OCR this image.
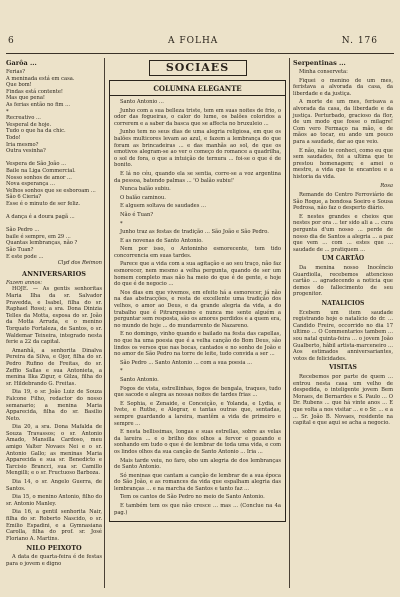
6	A FOLHA	N. 176
Garôa ...
Ferias?
A meninada está em casa.
Que bom!
Findas está contente!
Mas que pena!
As ferias então no fim ...
*
Recreativo ...
Vesperal de hoje.
Tudo o que ha da chic.
Todo!
Iria mesmo?
Outra vesinha?
Vespera de São João ...
Baile na Liga Commercial.
Nosso sonhos de amor ...
Nova esperança ...
Velhos sonhos que se esboroam ...
São 6 Cieria?
Esse é o minuto de ser feliz.
A dança é a doura pagã ...
São Pedro ...
baile é sempre, em 29 ...
Quantas lembranças, não ?
São Tuan?
E este pode ...
Clyd dos Reimon
ANNIVERSARIOS
Fazem annos:
HOJE. — As gentis senhoritas Maria Ilha da sr. Salvador Pravedda, e Isabel, filha do sr. Raphael Rossi; a sra. Dona Dinizia Telles da Motta, esposa do sr. João da Motta Arruda, e o menino Torquato Fortaleza, de Santos, o sr. Waldemar Teixeira, integrado nesta ferie a 22 da capital.
Amanhã, a senhorita Dinalva Pereira da Silva, e Ojor, filha do sr. Pedro Rufino de Freitas, do sr. Zeffio Sallas e sua Antonieta, a menina Ilka Zigur, e Gilza, filha do sr. Hildebrando G. Freitas.
Dia 19, o sr. João Luiz de Souza Falcone Filho, redactor do nosso semanario; a menina Maria Apparecida, filha do sr. Basilio Neto.
Dia 20, a sra. Dona Mafalda de Souza Travassos; o sr. Antonio Amado, Mansilla Cardoso, meu amigo Valter Novaes Nei e o sr. Antonio Gallo; as meninas Maria Apparecida e sua sr. Benedicto e Tarcisio Brancci, sua sr. Camillo Mengilli; e o sr. Fructuoso Barboza.
Dia 14, o sr. Angelo Guerra, de Santos.
Dia 15, o menino Antonio, filho do sr. Antonio Manley.
Dia 16, a gentil senhorita Nair, filha do sr. Roberto Nascido, o sr. Emilio Espadini, e a Gymnasiana Carolla, filha do prof. sr. José Floriano A. Martins.
NILO PEIXOTO
A data de quarta-feira é de festas para o jovem e digno
SOCIAES
COLUMNA ELEGANTE
Santo Antonio ...
Junho com a sua belleza triste, tem em suas noites de frio, o odor das fogueiras, o calor do lume, os balões coloridos a correrem e a saber da basca que se affecta no bruxuleio ...
Junho tem no seus dias de uma alegria religiosa, em que os balões multicores levam ao azul, e fazem a lembrança do que foram as brincadeiras ... e das manhãs ao sol, de que os emotivos alegram-se ao ver o começo do romance a quadrilha, o sol de fora, o que a intuição de ternura ... foi-se o que é de bonito.
E lá no céu, quando ela se sentia, corre-se a voz argentina da pessoa, batendo palmas ... 'O balão subiu!'
Nunca balão subiu.
O balão caminou.
E alguem soltava de saudades ...
Não é Tuan?
*
Junho traz as festas de tradição ... São João e São Pedro.
E as novenas de Santo Antonio.
Nem por isso, o Antoninho esmorecente, tem tido concorrencia em suas tardes.
Parece que a vida com a sua agitação e ao seu traço, não faz esmorecer, nem mesmo a velha pergunta, quando de ser um homem completo mas não ha meio do que é de gente, e hoje do que é de negocio ...
Nos dias em que vivemos, em efeito há a esmorecer, já não na das abstracções, e resta de excellente uma tradição dos velhos, o amor ao Deus, e da grande alegria da vida, a do trabalho que é Pitrarquesino e nunca me sente alguém a perguntar sem resposta, são os amores perdidos e a quem era, no mundo de hoje ... do mundarrento de Nazareno.
E no domingo, vinho quando e bailado na festa das capellas, no que ha uma poesia que é a velha canção do Bom Deus, são lindos os versos que nas bocas, cantados e no sonho de João e no amor de São Pedro na torre de leite, tudo convida a ser ...
São Pedro ... Santo Antonio ... com a sua poesia ...
*
Santo Antonio.
Fogos de vista, estrellinhas, fogos de bengala, traques, tudo que sacode e alegra as nossas noites de tardes frias ...
E Sophia, e Zenaide, e Conceição, e Yolanda, e Lydia, e Ivete, e Ruthe, e Alegrar, e tantas outras que, sentadas, sempre guardando a lareira, mantêm a vida de primeiro e sempre ...
E nesta bellissimas, longas e suas estrellas, sobre as velas da lareira ... e o brilho dos olhos a fervor e gozando e sonhando em tudo o que é de lembrar de toda uma vida, e com os lindos olhos da sua canção de Santo Antonio ... Iria ...
Mais tarde veiu, no faro, obo um alegria de dos lembranças de Santo Antonio.
Só meninas que cantam a canção de lembrar de a sua época do São João, e as romances da vida que espalham alegria das lembranças ... e na marcha de Santos e tanto faz ...
Tem os cantos de São Pedro no meio de Santo Antonio.
E também tem os que não cresce ... mas ... (Conclue na 4a pag.)
Serpentinas ...
Minha conserveta:
Fiquei o menino de um mes, feristava a alvorada da casa, da liberdade e da justiça.
A morte de um mes, ferisava a alvorada da casa, da liberdade e da justiça. Perturbado, gracioso da flor, de um modo que fosse o milagre! Com vero Fermaço na mão, e de mãos ao tocar, eu ando um pouco para a saudade, dar ao que veio.
E não, não te conheci, como eu que sem saudades, foi a ultima que te prestou homenagem; e amei o mestre, a vida que te encantou e a historia da vida.
Rosa
Remande do Centro Ferroviário de São Roque, a bondosa Soeiro e Sousa Pedrosa, não faz o desperto diário.
E nestes grandes e cheios que nestes por ora ... ter sido ali a ... cura pergunta d'um nosso ... perde de nosso dia de Santos a alegria ... a paz que vem ... com ... estes que ... saudade de ... pratiquem ...
UM CARTÃO
Da menina nosso Inocêncio Guardiolla, recebemos attencioso cartão ... agradecendo a noticia que demos do fallecimento de seu progenitor.
NATALICIOS
Ecebem um item saudade registrando hoje o natalício do dr. ... Candido Freire, occorrido no dia 17 ultimo ... O Commentarios tambem ... sou natal quinta-feira ... o jovem João Gualberto, hábil artista-marceneiro ... Aos estimados anniversariantes, votos de felicidades.
VISITAS
Recebemos por parte de quem ... entrou nesta casa um velho de despedida, o inteligente jovem Bem Moraes, de Bernardes e S. Paulo ... O Dr. Rubens ... que há vinte anos ... E que volta a nos visitar ... e o Sr. ... e a ... Sr. João B. Novaes, residente na capital e que aqui se acha a negocio.
